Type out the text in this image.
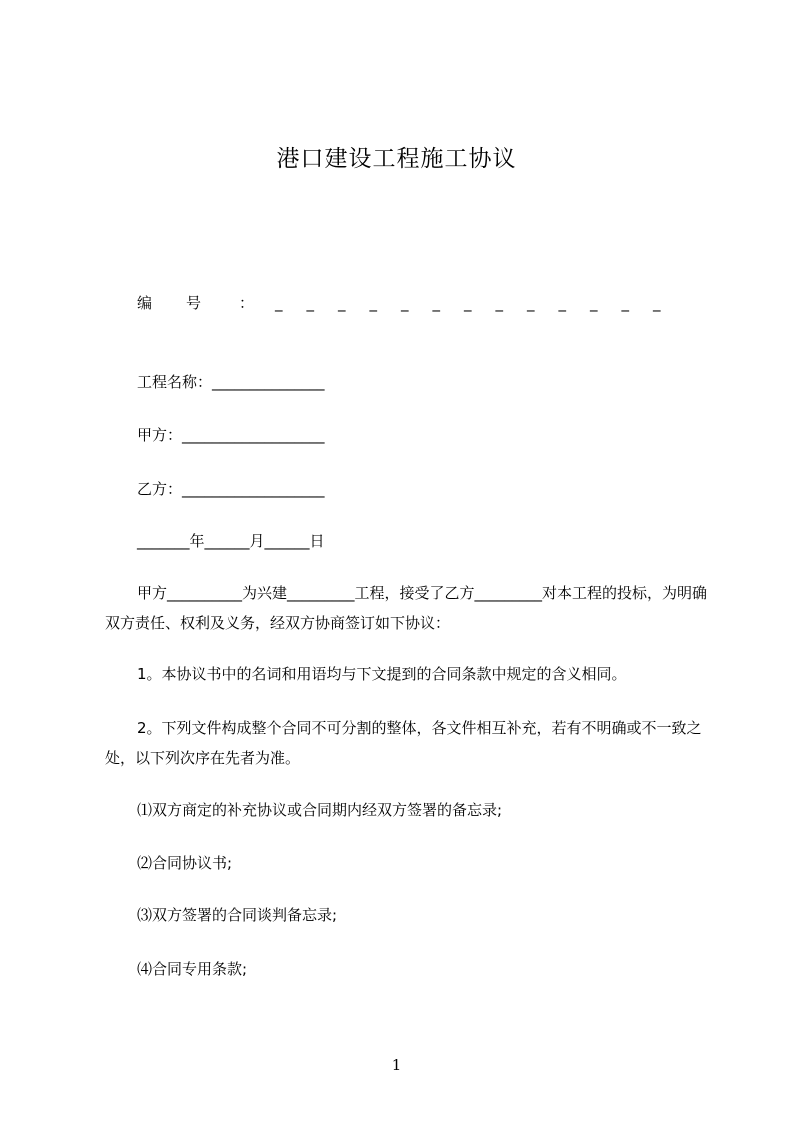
港口建设工程施工协议
编 号	： _____________
工程名称：_______________
甲方：___________________
乙方：___________________
_______年______月______日
甲方__________为兴建_________工程，接受了乙方_________对本工程的投标，为明确双方责任、权利及义务，经双方协商签订如下协议：
1。本协议书中的名词和用语均与下文提到的合同条款中规定的含义相同。
2。下列文件构成整个合同不可分割的整体，各文件相互补充，若有不明确或不一致之处，以下列次序在先者为准。
⑴双方商定的补充协议或合同期内经双方签署的备忘录;
⑵合同协议书;
⑶双方签署的合同谈判备忘录;
⑷合同专用条款;
1
